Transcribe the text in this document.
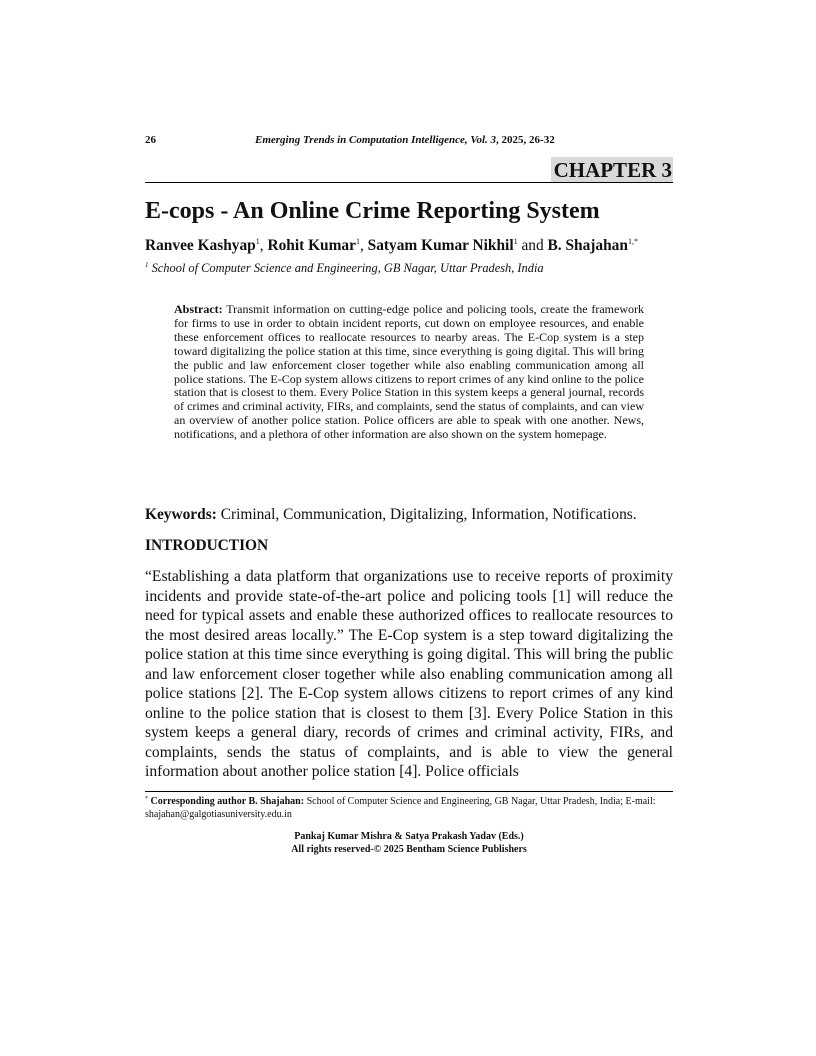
26	Emerging Trends in Computation Intelligence, Vol. 3, 2025, 26-32
CHAPTER 3
E-cops - An Online Crime Reporting System
Ranvee Kashyap$^1$, Rohit Kumar$^1$, Satyam Kumar Nikhil$^1$ and B. Shajahan$^{1,*}$
$^1$ School of Computer Science and Engineering, GB Nagar, Uttar Pradesh, India

Abstract: Transmit information on cutting-edge police and policing tools, create the framework for firms to use in order to obtain incident reports, cut down on employee resources, and enable these enforcement offices to reallocate resources to nearby areas. The E-Cop system is a step toward digitalizing the police station at this time, since everything is going digital. This will bring the public and law enforcement closer together while also enabling communication among all police stations. The E-Cop system allows citizens to report crimes of any kind online to the police station that is closest to them. Every Police Station in this system keeps a general journal, records of crimes and criminal activity, FIRs, and complaints, send the status of complaints, and can view an overview of another police station. Police officers are able to speak with one another. News, notifications, and a plethora of other information are also shown on the system homepage.

Keywords: Criminal, Communication, Digitalizing, Information, Notifications.

INTRODUCTION

“Establishing a data platform that organizations use to receive reports of proximity incidents and provide state-of-the-art police and policing tools [1] will reduce the need for typical assets and enable these authorized offices to reallocate resources to the most desired areas locally.” The E-Cop system is a step toward digitalizing the police station at this time since everything is going digital. This will bring the public and law enforcement closer together while also enabling communication among all police stations [2]. The E-Cop system allows citizens to report crimes of any kind online to the police station that is closest to them [3]. Every Police Station in this system keeps a general diary, records of crimes and criminal activity, FIRs, and complaints, sends the status of complaints, and is able to view the general information about another police station [4]. Police officials

* Corresponding author B. Shajahan: School of Computer Science and Engineering, GB Nagar, Uttar Pradesh, India; E-mail: shajahan@galgotiasuniversity.edu.in

Pankaj Kumar Mishra & Satya Prakash Yadav (Eds.)
All rights reserved-© 2025 Bentham Science Publishers
